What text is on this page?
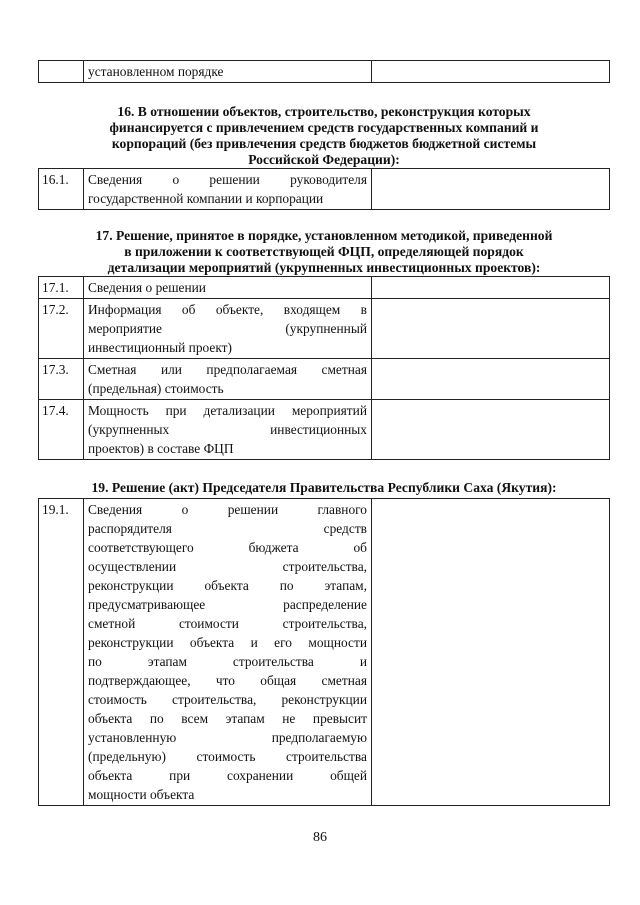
	установленном порядке	
16. В отношении объектов, строительство, реконструкция которых
финансируется с привлечением средств государственных компаний и
корпораций (без привлечения средств бюджетов бюджетной системы
Российской Федерации):
16.1.	Сведения о решении руководителя
государственной компании и корпорации

17. Решение, принятое в порядке, установленном методикой, приведенной
в приложении к соответствующей ФЦП, определяющей порядок
детализации мероприятий (укрупненных инвестиционных проектов):
17.1.	Сведения о решении	

17.2.	Информация об объекте, входящем в
мероприятие (укрупненный
инвестиционный проект)	

17.3.	Сметная или предполагаемая сметная
(предельная) стоимость	

17.4.	Мощность при детализации мероприятий
(укрупненных инвестиционных
проектов) в составе ФЦП	

19. Решение (акт) Председателя Правительства Республики Саха (Якутия):
19.1.	Сведения о решении главного
распорядителя средств
соответствующего бюджета об
осуществлении строительства,
реконструкции объекта по этапам,
предусматривающее распределение
сметной стоимости строительства,
реконструкции объекта и его мощности
по этапам строительства и
подтверждающее, что общая сметная
стоимость строительства, реконструкции
объекта по всем этапам не превысит
установленную предполагаемую
(предельную) стоимость строительства
объекта при сохранении общей
мощности объекта

86
